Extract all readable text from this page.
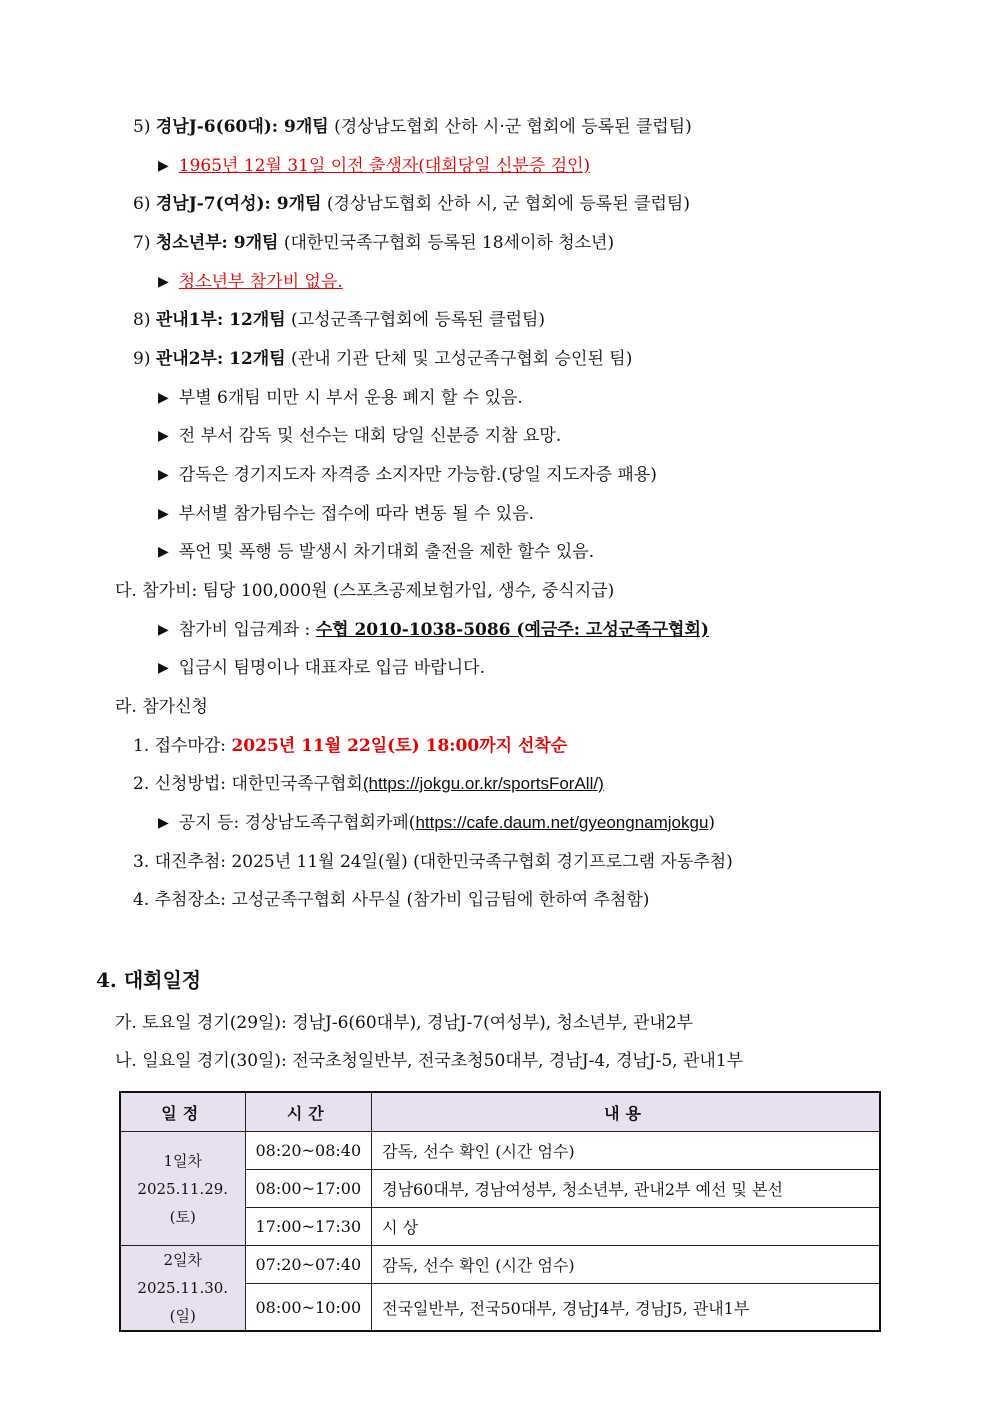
5) 경남J-6(60대): 9개팀 (경상남도협회 산하 시·군 협회에 등록된 클럽팀)
▶ 1965년 12월 31일 이전 출생자(대회당일 신분증 검인)
6) 경남J-7(여성): 9개팀 (경상남도협회 산하 시, 군 협회에 등록된 클럽팀)
7) 청소년부: 9개팀 (대한민국족구협회 등록된 18세이하 청소년)
▶ 청소년부 참가비 없음.
8) 관내1부: 12개팀 (고성군족구협회에 등록된 클럽팀)
9) 관내2부: 12개팀 (관내 기관 단체 및 고성군족구협회 승인된 팀)
▶ 부별 6개팀 미만 시 부서 운용 폐지 할 수 있음.
▶ 전 부서 감독 및 선수는 대회 당일 신분증 지참 요망.
▶ 감독은 경기지도자 자격증 소지자만 가능함.(당일 지도자증 패용)
▶ 부서별 참가팀수는 접수에 따라 변동 될 수 있음.
▶ 폭언 및 폭행 등 발생시 차기대회 출전을 제한 할수 있음.
다. 참가비: 팀당 100,000원 (스포츠공제보험가입, 생수, 중식지급)
▶ 참가비 입금계좌 : 수협 2010-1038-5086 (예금주: 고성군족구협회)
▶ 입금시 팀명이나 대표자로 입금 바랍니다.
라. 참가신청
1. 접수마감: 2025년 11월 22일(토) 18:00까지 선착순
2. 신청방법: 대한민국족구협회(https://jokgu.or.kr/sportsForAll/)
▶ 공지 등: 경상남도족구협회카페(https://cafe.daum.net/gyeongnamjokgu)
3. 대진추첨: 2025년 11월 24일(월) (대한민국족구협회 경기프로그램 자동추첨)
4. 추첨장소: 고성군족구협회 사무실 (참가비 입금팀에 한하여 추첨함)
4. 대회일정
가. 토요일 경기(29일): 경남J-6(60대부), 경남J-7(여성부), 청소년부, 관내2부
나. 일요일 경기(30일): 전국초청일반부, 전국초청50대부, 경남J-4, 경남J-5, 관내1부
일정	시간	내용

1일차
2025.11.29.
(토)	08:20~08:40	감독, 선수 확인 (시간 엄수)
	08:00~17:00	경남60대부, 경남여성부, 청소년부, 관내2부 예선 및 본선
	17:00~17:30	시 상

2일차
2025.11.30.
(일)	07:20~07:40	감독, 선수 확인 (시간 엄수)
	08:00~10:00	전국일반부, 전국50대부, 경남J4부, 경남J5, 관내1부
